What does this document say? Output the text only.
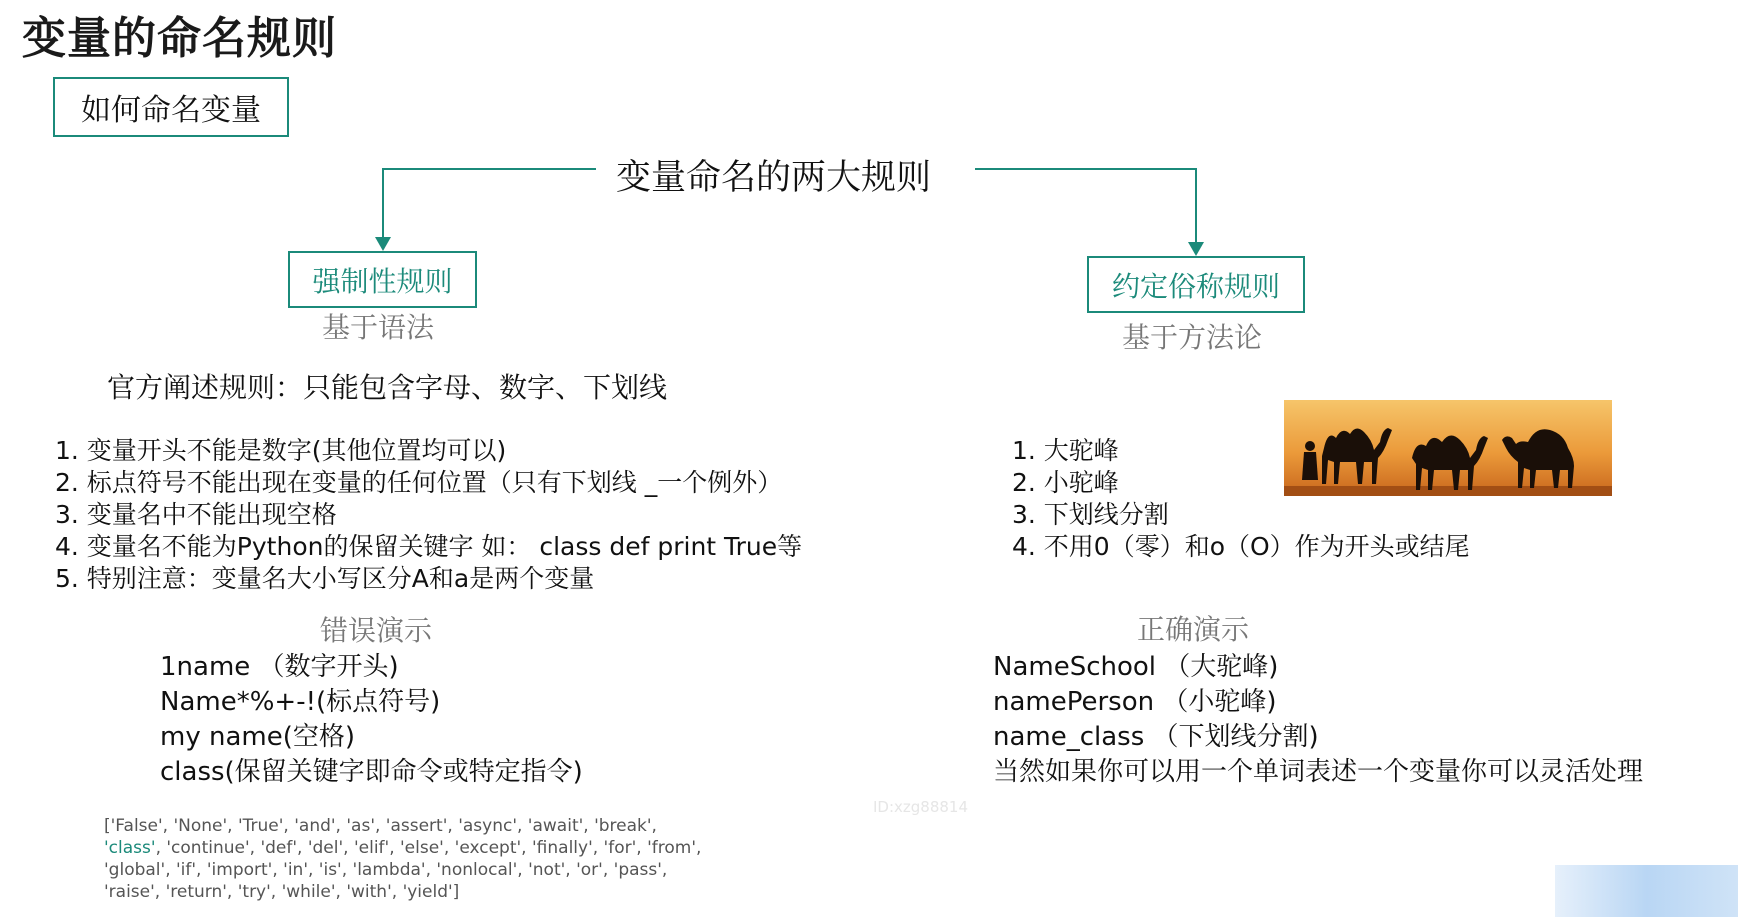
变量的命名规则
如何命名变量
变量命名的两大规则
强制性规则
基于语法
官方阐述规则：只能包含字母、数字、下划线
1. 变量开头不能是数字(其他位置均可以)
2. 标点符号不能出现在变量的任何位置（只有下划线 _一个例外）
3. 变量名中不能出现空格
4. 变量名不能为Python的保留关键字 如： class def print True等
5. 特别注意：变量名大小写区分A和a是两个变量
错误演示
1name （数字开头)
Name*%+-!(标点符号)
my name(空格)
class(保留关键字即命令或特定指令)
['False', 'None', 'True', 'and', 'as', 'assert', 'async', 'await', 'break',
'class', 'continue', 'def', 'del', 'elif', 'else', 'except', 'finally', 'for', 'from',
'global', 'if', 'import', 'in', 'is', 'lambda', 'nonlocal', 'not', 'or', 'pass',
'raise', 'return', 'try', 'while', 'with', 'yield']
ID:xzg88814
约定俗称规则
基于方法论
1. 大驼峰
2. 小驼峰
3. 下划线分割
4. 不用0（零）和o（O）作为开头或结尾
正确演示
NameSchool （大驼峰)
namePerson （小驼峰)
name_class （下划线分割)
当然如果你可以用一个单词表述一个变量你可以灵活处理
